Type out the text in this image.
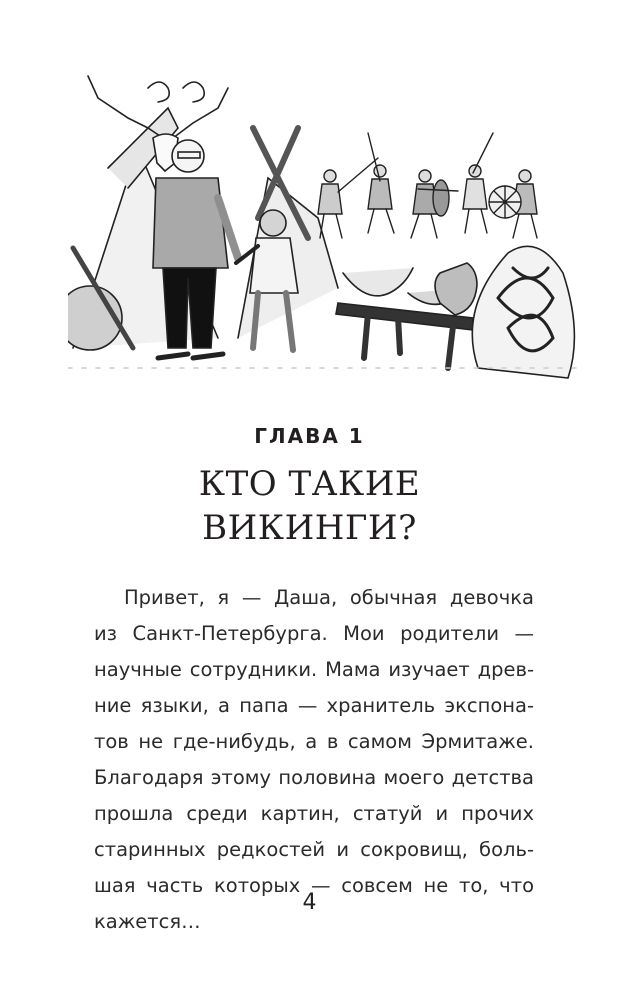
ГЛАВА 1
КТО ТАКИЕ
ВИКИНГИ?
Привет, я — Даша, обычная девочка
из Санкт-Петербурга. Мои родители —
научные сотрудники. Мама изучает древ-
ние языки, а папа — хранитель экспона-
тов не где-нибудь, а в самом Эрмитаже.
Благодаря этому половина моего детства
прошла среди картин, статуй и прочих
старинных редкостей и сокровищ, боль-
шая часть которых — совсем не то, что
кажется…
4
